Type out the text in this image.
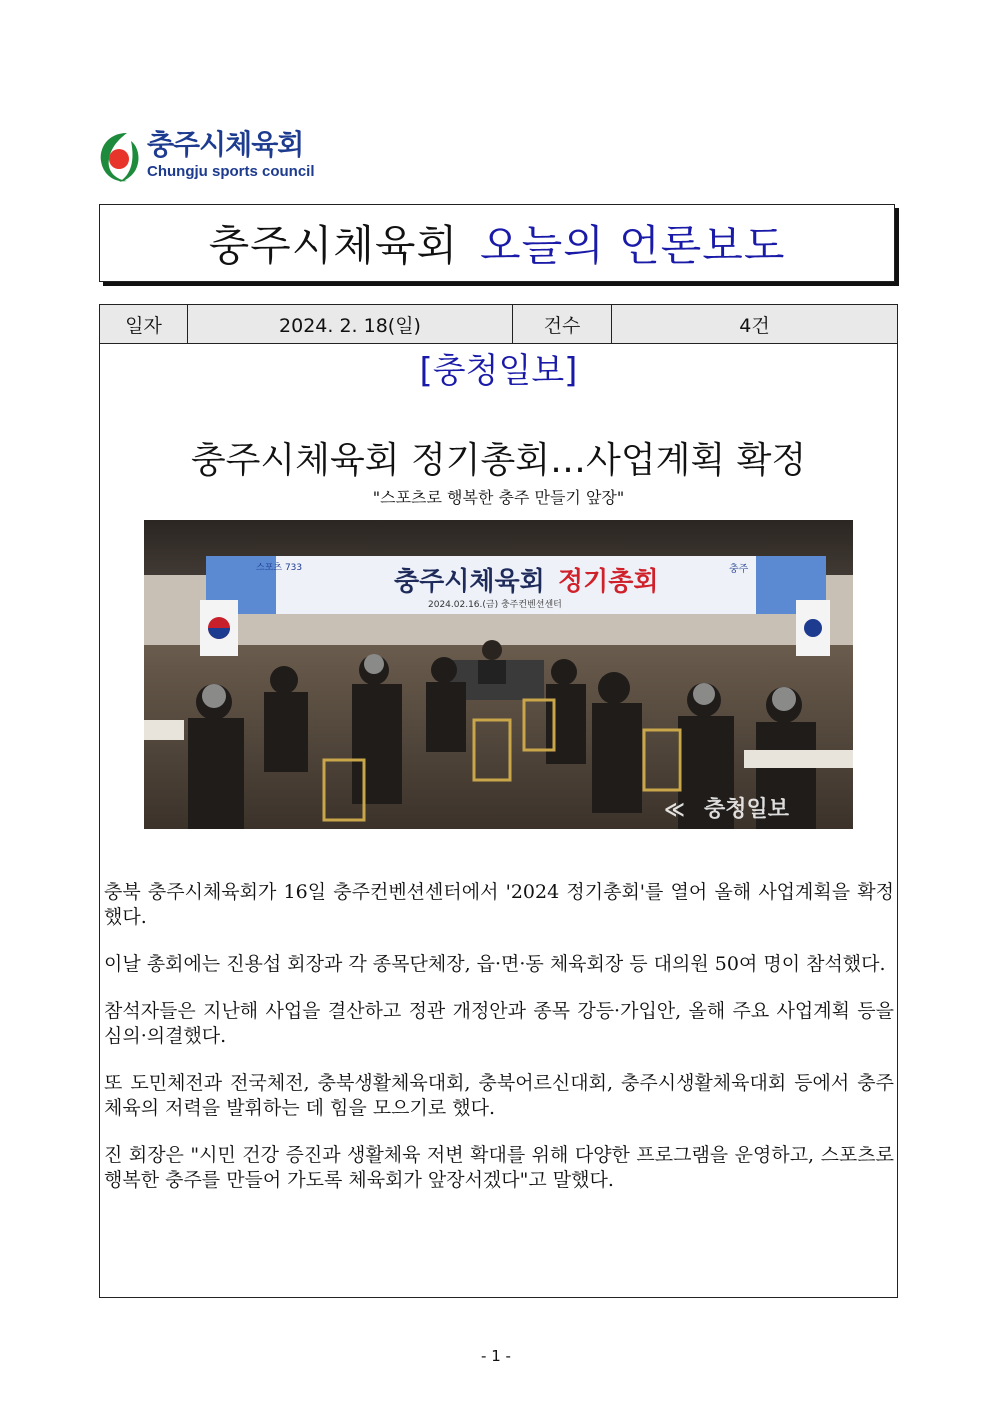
충주시체육회
Chungju sports council
충주시체육회 오늘의 언론보도
일자	2024. 2. 18(일)	건수	4건
[충청일보]
충주시체육회 정기총회…사업계획 확정
"스포츠로 행복한 충주 만들기 앞장"
스포츠 733	충주시체육회 정기총회
2024.02.16.(금) 충주컨벤션센터
충주
충청일보
≪

충북 충주시체육회가 16일 충주컨벤션센터에서 '2024 정기총회'를 열어 올해 사업계획을 확정했다.

이날 총회에는 진용섭 회장과 각 종목단체장, 읍·면·동 체육회장 등 대의원 50여 명이 참석했다.

참석자들은 지난해 사업을 결산하고 정관 개정안과 종목 강등·가입안, 올해 주요 사업계획 등을 심의·의결했다.

또 도민체전과 전국체전, 충북생활체육대회, 충북어르신대회, 충주시생활체육대회 등에서 충주체육의 저력을 발휘하는 데 힘을 모으기로 했다.

진 회장은 "시민 건강 증진과 생활체육 저변 확대를 위해 다양한 프로그램을 운영하고, 스포츠로 행복한 충주를 만들어 가도록 체육회가 앞장서겠다"고 말했다.

- 1 -
